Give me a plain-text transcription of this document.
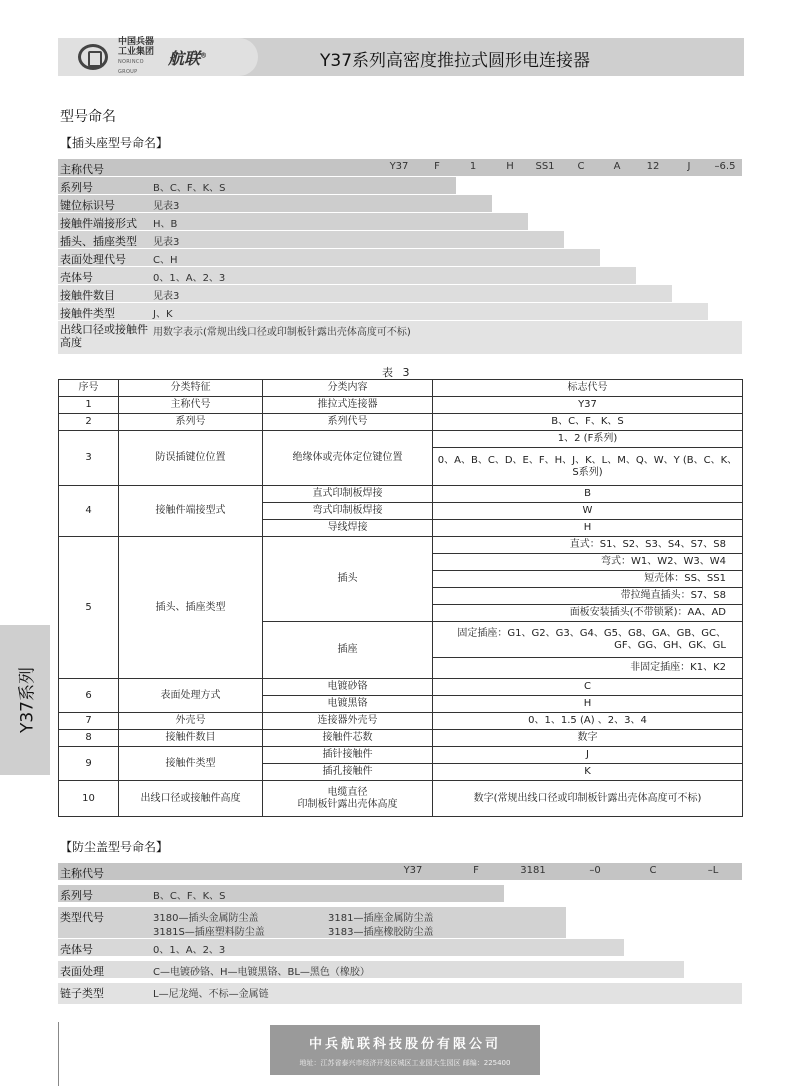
中国兵器 工业集团
NORINCO GROUP
航联®	Y37系列高密度推拉式圆形电连接器
Y37系列
型号命名
【插头座型号命名】
主称代号	Y37	F	1	H	SS1	C	A	12	J	–6.5
系列号	B、C、F、K、S
键位标识号	见表3
接触件端接形式 H、B
插头、插座类型 见表3
表面处理代号	C、H
壳体号	0、1、A、2、3
接触件数目	见表3
接触件类型	J、K
出线口径或接触件高度
用数字表示(常规出线口径或印制板针露出壳体高度可不标)
表 3
序号	分类特征	分类内容	标志代号
1	主称代号	推拉式连接器	Y37
2	系列号	系列代号	B、C、F、K、S
3	防误插键位位置	绝缘体或壳体定位键位置	1、2 (F系列)
			0、A、B、C、D、E、F、H、J、K、L、M、Q、W、Y (B、C、K、S系列)
4	接触件端接型式	直式印制板焊接	B
		弯式印制板焊接	W
		导线焊接	H
5	插头、插座类型	插头	直式：S1、S2、S3、S4、S7、S8
			弯式：W1、W2、W3、W4
			短壳体：SS、SS1
			带拉绳直插头：S7、S8
			面板安装插头(不带锁紧)：AA、AD
		插座	固定插座：G1、G2、G3、G4、G5、G8、GA、GB、GC、GF、GG、GH、GK、GL
			非固定插座：K1、K2
6	表面处理方式	电镀砂铬	C
		电镀黑铬	H
7	外壳号	连接器外壳号	0、1、1.5 (A) 、2、3、4
8	接触件数目	接触件芯数	数字
9	接触件类型	插针接触件	J
		插孔接触件	K
10	出线口径或接触件高度	电缆直径
印制板针露出壳体高度	数字(常规出线口径或印制板针露出壳体高度可不标)
【防尘盖型号命名】
主称代号	Y37	F	3181	–0	C	–L
系列号	B、C、F、K、S
类型代号	3180—插头金属防尘盖	3181—插座金属防尘盖
3181S—插座塑料防尘盖	3183—插座橡胶防尘盖
壳体号	0、1、A、2、3
表面处理	C—电镀砂铬、H—电镀黑铬、BL—黑色（橡胶）
链子类型	L—尼龙绳、不标—金属链
中兵航联科技股份有限公司
地址：江苏省泰兴市经济开发区城区工业园大生园区 邮编：225400
